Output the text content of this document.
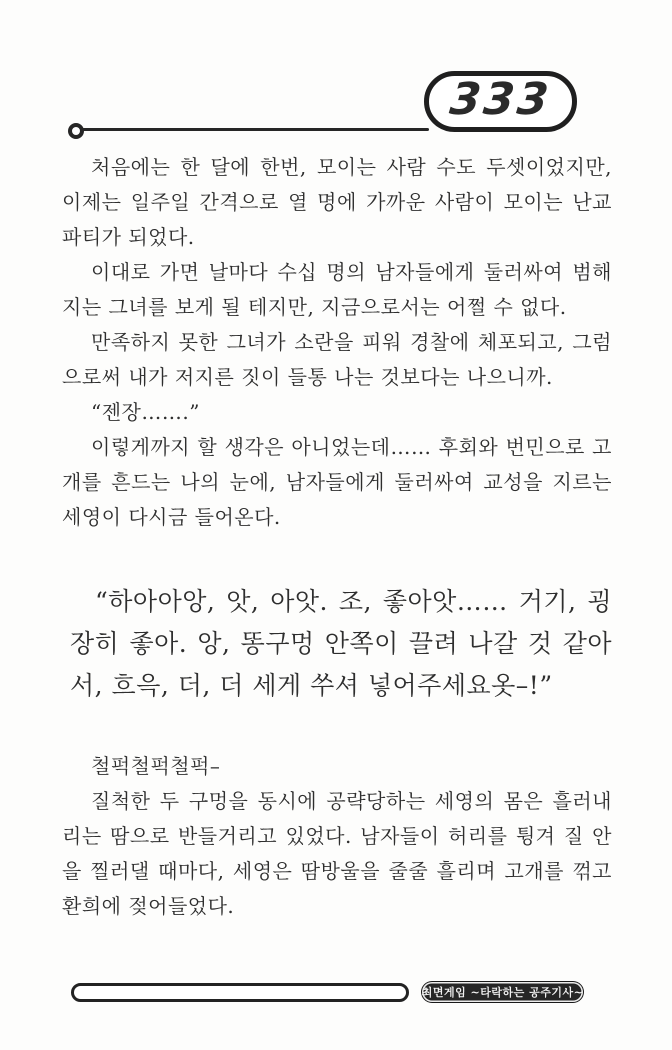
333

처음에는 한 달에 한번, 모이는 사람 수도 두셋이었지만, 이제는 일주일 간격으로 열 명에 가까운 사람이 모이는 난교 파티가 되었다.

이대로 가면 날마다 수십 명의 남자들에게 둘러싸여 범해지는 그녀를 보게 될 테지만, 지금으로서는 어쩔 수 없다.

만족하지 못한 그녀가 소란을 피워 경찰에 체포되고, 그럼으로써 내가 저지른 짓이 들통 나는 것보다는 나으니까.

“젠장…….”

이렇게까지 할 생각은 아니었는데…… 후회와 번민으로 고개를 흔드는 나의 눈에, 남자들에게 둘러싸여 교성을 지르는 세영이 다시금 들어온다.

“하아아앙, 앗, 아앗. 조, 좋아앗…… 거기, 굉장히 좋아. 앙, 똥구멍 안쪽이 끌려 나갈 것 같아서, 흐윽, 더, 더 세게 쑤셔 넣어주세요옷–!”

철퍽철퍽철퍽–

질척한 두 구멍을 동시에 공략당하는 세영의 몸은 흘러내리는 땀으로 반들거리고 있었다. 남자들이 허리를 튕겨 질 안을 찔러댈 때마다, 세영은 땀방울을 줄줄 흘리며 고개를 꺾고 환희에 젖어들었다.

최면게임 ~타락하는 공주기사~
